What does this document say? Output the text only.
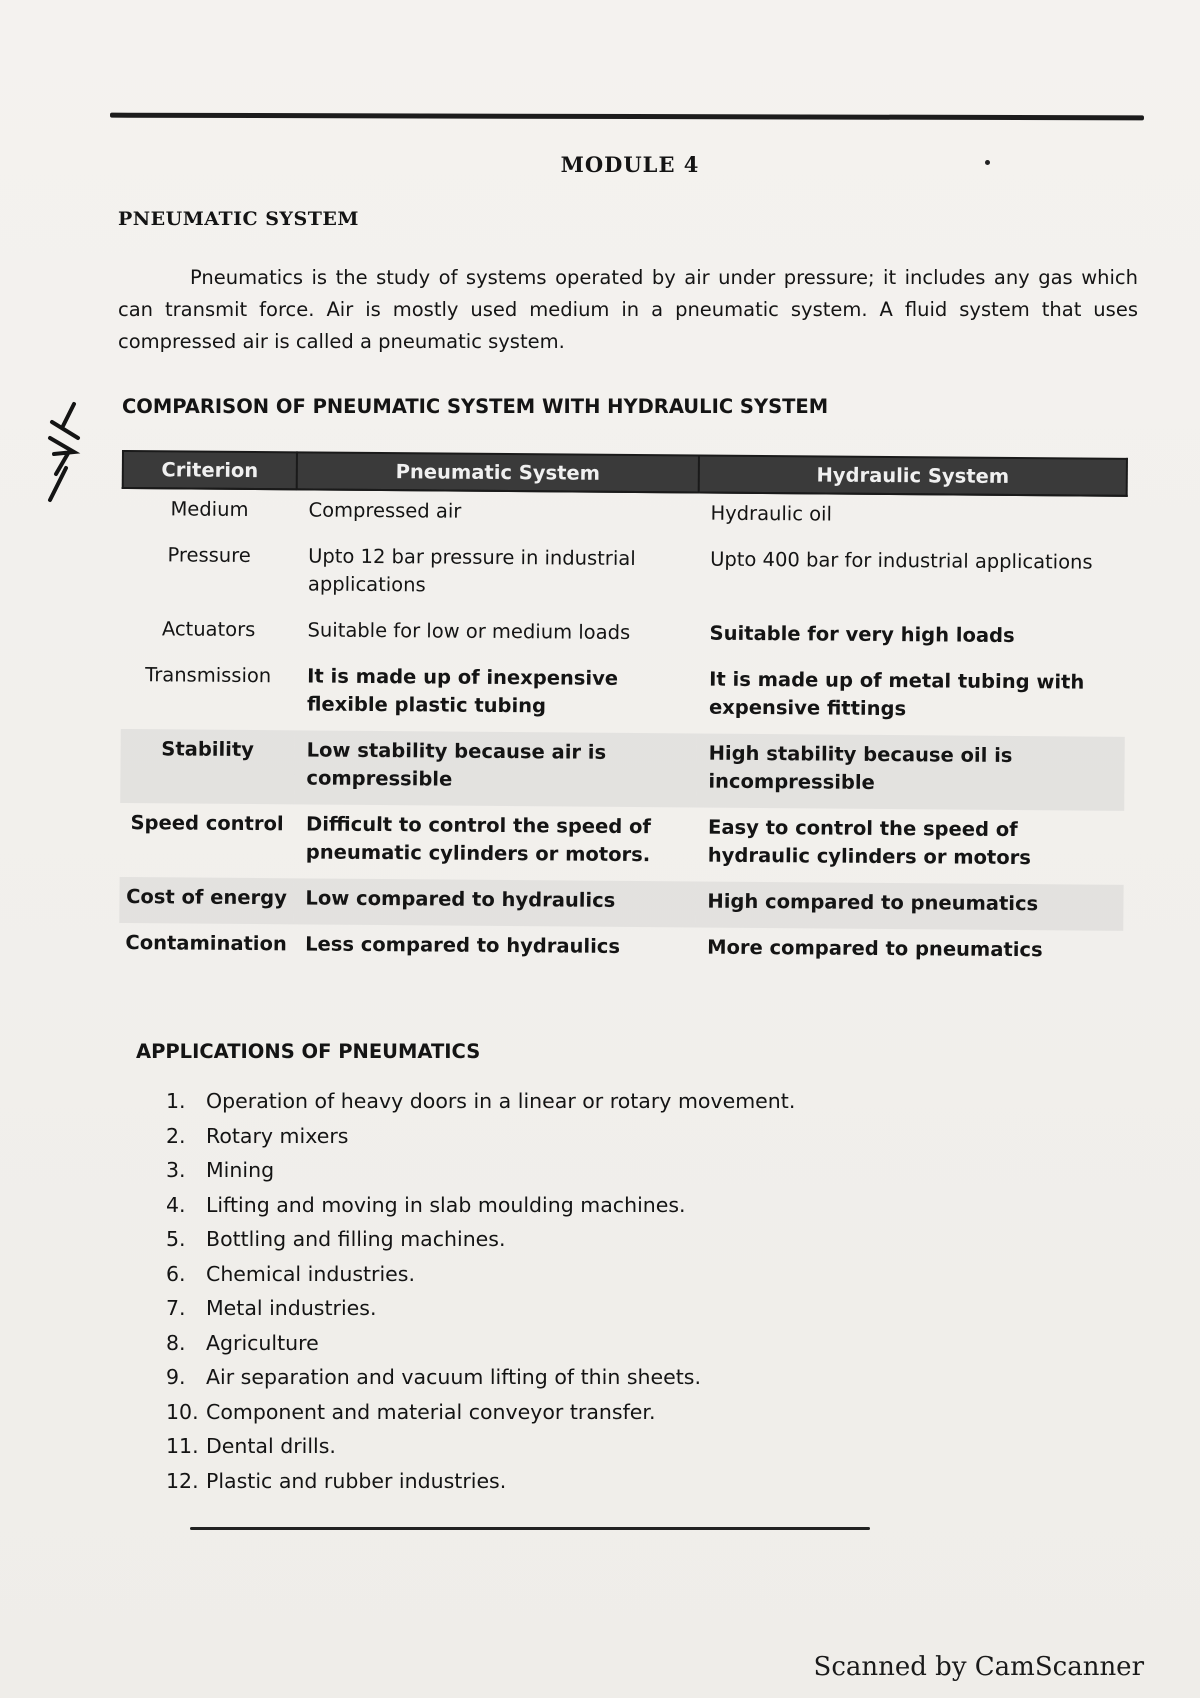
MODULE 4
PNEUMATIC SYSTEM
Pneumatics is the study of systems operated by air under pressure; it includes any gas which can transmit force. Air is mostly used medium in a pneumatic system. A fluid system that uses compressed air is called a pneumatic system.
COMPARISON OF PNEUMATIC SYSTEM WITH HYDRAULIC SYSTEM
Criterion	Pneumatic System	Hydraulic System
Medium	Compressed air	Hydraulic oil
Pressure	Upto 12 bar pressure in industrial applications	Upto 400 bar for industrial applications
Actuators	Suitable for low or medium loads	Suitable for very high loads
Transmission	It is made up of inexpensive flexible plastic tubing	It is made up of metal tubing with expensive fittings
Stability	Low stability because air is compressible	High stability because oil is incompressible
Speed control	Difficult to control the speed of pneumatic cylinders or motors.	Easy to control the speed of hydraulic cylinders or motors
Cost of energy	Low compared to hydraulics	High compared to pneumatics
Contamination	Less compared to hydraulics	More compared to pneumatics
APPLICATIONS OF PNEUMATICS
1. Operation of heavy doors in a linear or rotary movement.
2. Rotary mixers
3. Mining
4. Lifting and moving in slab moulding machines.
5. Bottling and filling machines.
6. Chemical industries.
7. Metal industries.
8. Agriculture
9. Air separation and vacuum lifting of thin sheets.
10. Component and material conveyor transfer.
11. Dental drills.
12. Plastic and rubber industries.
Scanned by CamScanner
